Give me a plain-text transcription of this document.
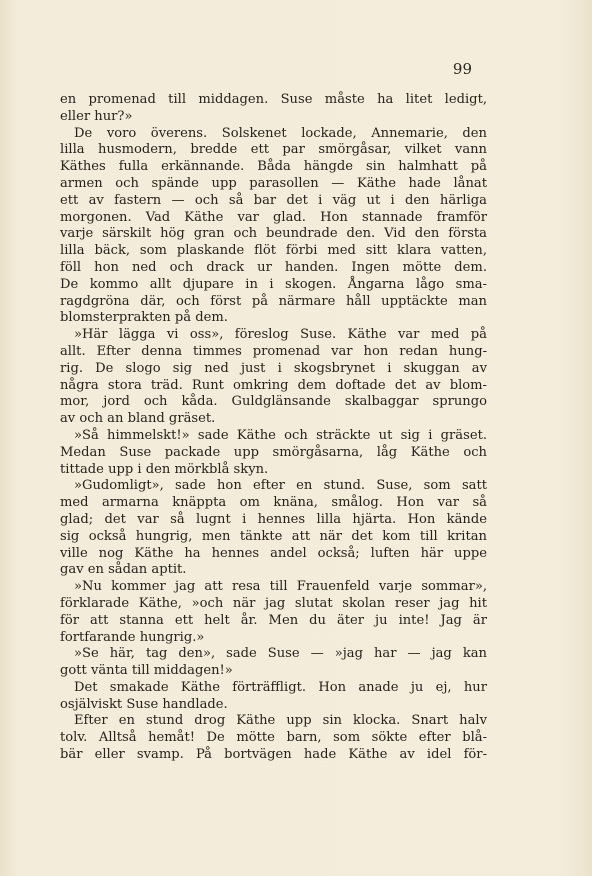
99

en promenad till middagen. Suse måste ha litet ledigt,
eller hur?»
De voro överens. Solskenet lockade, Annemarie, den
lilla husmodern, bredde ett par smörgåsar, vilket vann
Käthes fulla erkännande. Båda hängde sin halmhatt på
armen och spände upp parasollen — Käthe hade lånat
ett av fastern — och så bar det i väg ut i den härliga
morgonen. Vad Käthe var glad. Hon stannade framför
varje särskilt hög gran och beundrade den. Vid den första
lilla bäck, som plaskande flöt förbi med sitt klara vatten,
föll hon ned och drack ur handen. Ingen mötte dem.
De kommo allt djupare in i skogen. Ångarna lågo sma-
ragdgröna där, och först på närmare håll upptäckte man
blomsterprakten på dem.
»Här lägga vi oss», föreslog Suse. Käthe var med på
allt. Efter denna timmes promenad var hon redan hung-
rig. De slogo sig ned just i skogsbrynet i skuggan av
några stora träd. Runt omkring dem doftade det av blom-
mor, jord och kåda. Guldglänsande skalbaggar sprungo
av och an bland gräset.
»Så himmelskt!» sade Käthe och sträckte ut sig i gräset.
Medan Suse packade upp smörgåsarna, låg Käthe och
tittade upp i den mörkblå skyn.
»Gudomligt», sade hon efter en stund. Suse, som satt
med armarna knäppta om knäna, smålog. Hon var så
glad; det var så lugnt i hennes lilla hjärta. Hon kände
sig också hungrig, men tänkte att när det kom till kritan
ville nog Käthe ha hennes andel också; luften här uppe
gav en sådan aptit.
»Nu kommer jag att resa till Frauenfeld varje sommar»,
förklarade Käthe, »och när jag slutat skolan reser jag hit
för att stanna ett helt år. Men du äter ju inte! Jag är
fortfarande hungrig.»
»Se här, tag den», sade Suse — »jag har — jag kan
gott vänta till middagen!»
Det smakade Käthe förträffligt. Hon anade ju ej, hur
osjälviskt Suse handlade.
Efter en stund drog Käthe upp sin klocka. Snart halv
tolv. Alltså hemåt! De mötte barn, som sökte efter blå-
bär eller svamp. På bortvägen hade Käthe av idel för-
